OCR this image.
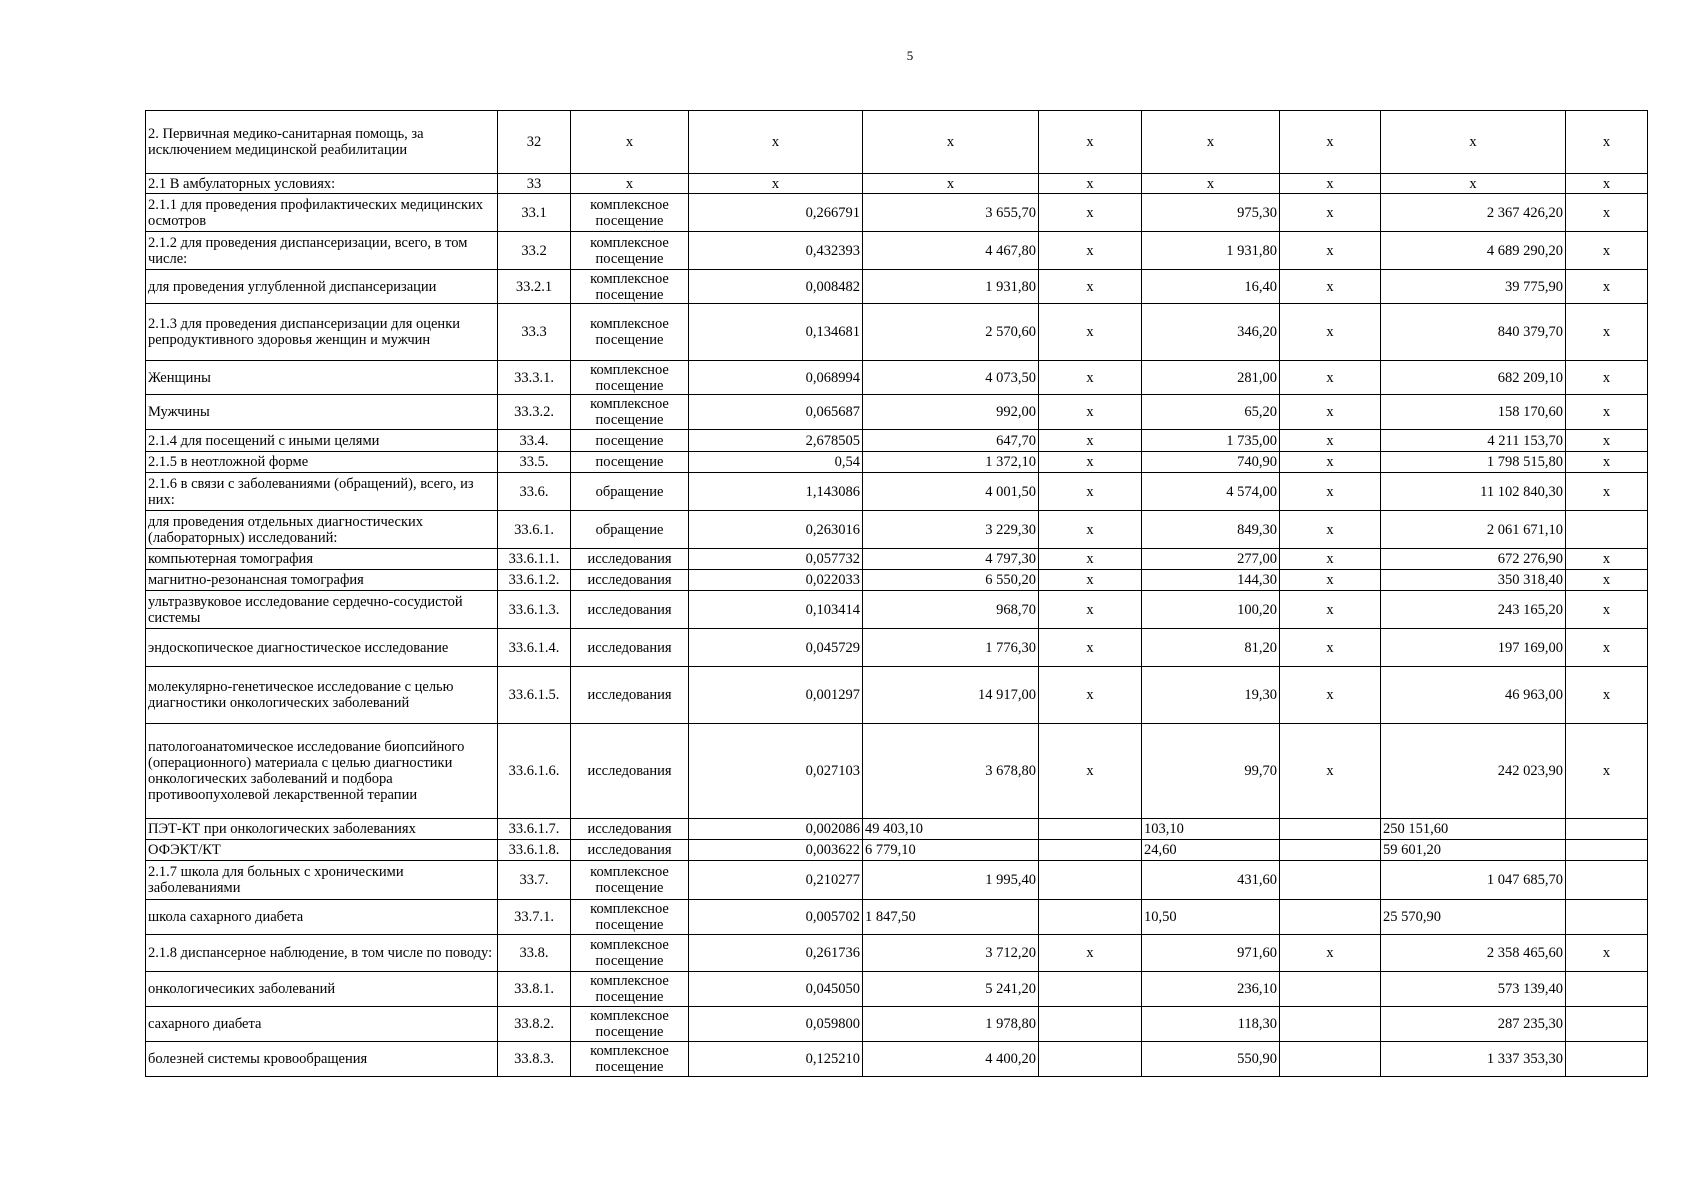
5
2. Первичная медико-санитарная помощь, за исключением медицинской реабилитации	32	х	х	х	х	х	х	х	х
2.1 В амбулаторных условиях:	33	х	х	х	х	х	х	х	х
2.1.1 для проведения профилактических медицинских осмотров	33.1	комплексное посещение	0,266791	3 655,70	х	975,30	х	2 367 426,20	х
2.1.2 для проведения диспансеризации, всего, в том числе:	33.2	комплексное посещение	0,432393	4 467,80	х	1 931,80	х	4 689 290,20	х
для проведения углубленной диспансеризации	33.2.1	комплексное посещение	0,008482	1 931,80	х	16,40	х	39 775,90	х
2.1.3 для проведения диспансеризации для оценки репродуктивного здоровья женщин и мужчин	33.3	комплексное посещение	0,134681	2 570,60	х	346,20	х	840 379,70	х
Женщины	33.3.1.	комплексное посещение	0,068994	4 073,50	х	281,00	х	682 209,10	х
Мужчины	33.3.2.	комплексное посещение	0,065687	992,00	х	65,20	х	158 170,60	х
2.1.4 для посещений с иными целями	33.4.	посещение	2,678505	647,70	х	1 735,00	х	4 211 153,70	х
2.1.5 в неотложной форме	33.5.	посещение	0,54	1 372,10	х	740,90	х	1 798 515,80	х
2.1.6 в связи с заболеваниями (обращений), всего, из них:	33.6.	обращение	1,143086	4 001,50	х	4 574,00	х	11 102 840,30	х
для проведения отдельных диагностических (лабораторных) исследований:	33.6.1.	обращение	0,263016	3 229,30	х	849,30	х	2 061 671,10	
компьютерная томография	33.6.1.1.	исследования	0,057732	4 797,30	х	277,00	х	672 276,90	х
магнитно-резонансная томография	33.6.1.2.	исследования	0,022033	6 550,20	х	144,30	х	350 318,40	х
ультразвуковое исследование сердечно-сосудистой системы	33.6.1.3.	исследования	0,103414	968,70	х	100,20	х	243 165,20	х
эндоскопическое диагностическое исследование	33.6.1.4.	исследования	0,045729	1 776,30	х	81,20	х	197 169,00	х
молекулярно-генетическое исследование с целью диагностики онкологических заболеваний	33.6.1.5.	исследования	0,001297	14 917,00	х	19,30	х	46 963,00	х
патологоанатомическое исследование биопсийного (операционного) материала с целью диагностики онкологических заболеваний и подбора противоопухолевой лекарственной терапии	33.6.1.6.	исследования	0,027103	3 678,80	х	99,70	х	242 023,90	х
ПЭТ-КТ при онкологических заболеваниях	33.6.1.7.	исследования	0,002086	49 403,10		103,10		250 151,60	
ОФЭКТ/КТ	33.6.1.8.	исследования	0,003622	6 779,10		24,60		59 601,20	
2.1.7 школа для больных с хроническими заболеваниями	33.7.	комплексное посещение	0,210277	1 995,40		431,60		1 047 685,70	
школа сахарного диабета	33.7.1.	комплексное посещение	0,005702	1 847,50		10,50		25 570,90	
2.1.8 диспансерное наблюдение, в том числе по поводу:	33.8.	комплексное посещение	0,261736	3 712,20	х	971,60	х	2 358 465,60	х
онкологичесиких заболеваний	33.8.1.	комплексное посещение	0,045050	5 241,20		236,10		573 139,40	
сахарного диабета	33.8.2.	комплексное посещение	0,059800	1 978,80		118,30		287 235,30	
болезней системы кровообращения	33.8.3.	комплексное посещение	0,125210	4 400,20		550,90		1 337 353,30	
